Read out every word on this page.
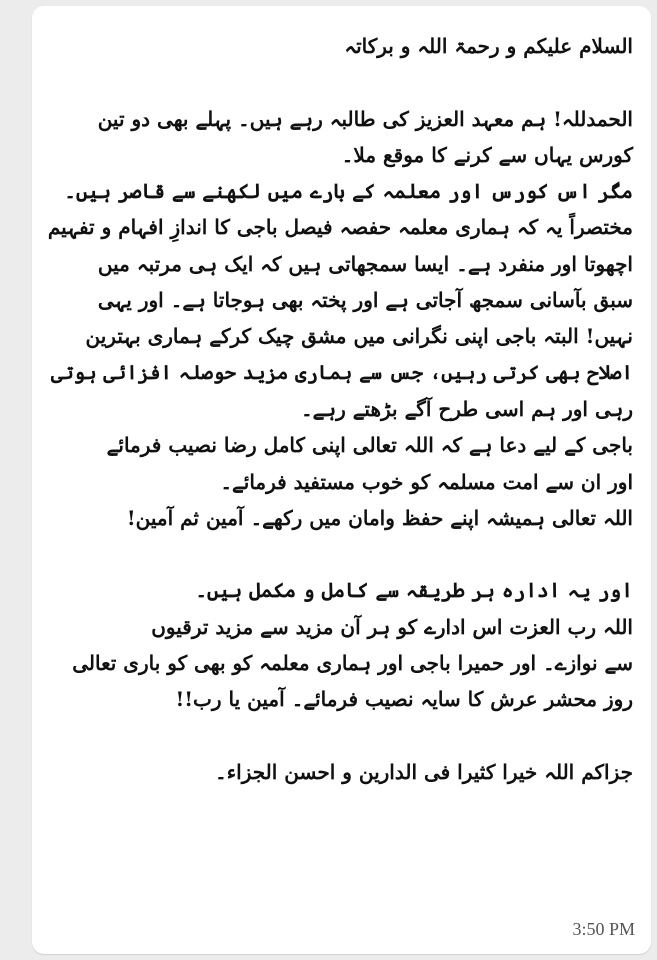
السلام علیکم و رحمۃ اللہ و برکاتہ
الحمدللہ! ہم معہد العزیز کی طالبہ رہے ہیں۔ پہلے بھی دو تین
کورس یہاں سے کرنے کا موقع ملا۔
مگر اس کورس اور معلمہ کے بارے میں لکھنے سے قاصر ہیں۔
مختصراً یہ کہ ہماری معلمہ حفصہ فیصل باجی کا اندازِ افہام و تفہیم
اچھوتا اور منفرد ہے۔ ایسا سمجھاتی ہیں کہ ایک ہی مرتبہ میں
سبق بآسانی سمجھ آجاتی ہے اور پختہ بھی ہوجاتا ہے۔ اور یہی
نہیں! البتہ باجی اپنی نگرانی میں مشق چیک کرکے ہماری بہترین
اصلاح بھی کرتی رہیں، جس سے ہماری مزید حوصلہ افزائی ہوتی
رہی اور ہم اسی طرح آگے بڑھتے رہے۔
باجی کے لیے دعا ہے کہ اللہ تعالی اپنی کامل رضا نصیب فرمائے
اور ان سے امت مسلمہ کو خوب مستفید فرمائے۔
اللہ تعالی ہمیشہ اپنے حفظ وامان میں رکھے۔ آمین ثم آمین!
اور یہ ادارہ ہر طریقہ سے کامل و مکمل ہیں۔
اللہ رب العزت اس ادارے کو ہر آن مزید سے مزید ترقیوں
سے نوازے۔ اور حمیرا باجی اور ہماری معلمہ کو بھی کو باری تعالی
روز محشر عرش کا سایہ نصیب فرمائے۔ آمین یا رب!!
جزاکم اللہ خیرا کثیرا فی الدارین و احسن الجزاء۔
3:50 PM
